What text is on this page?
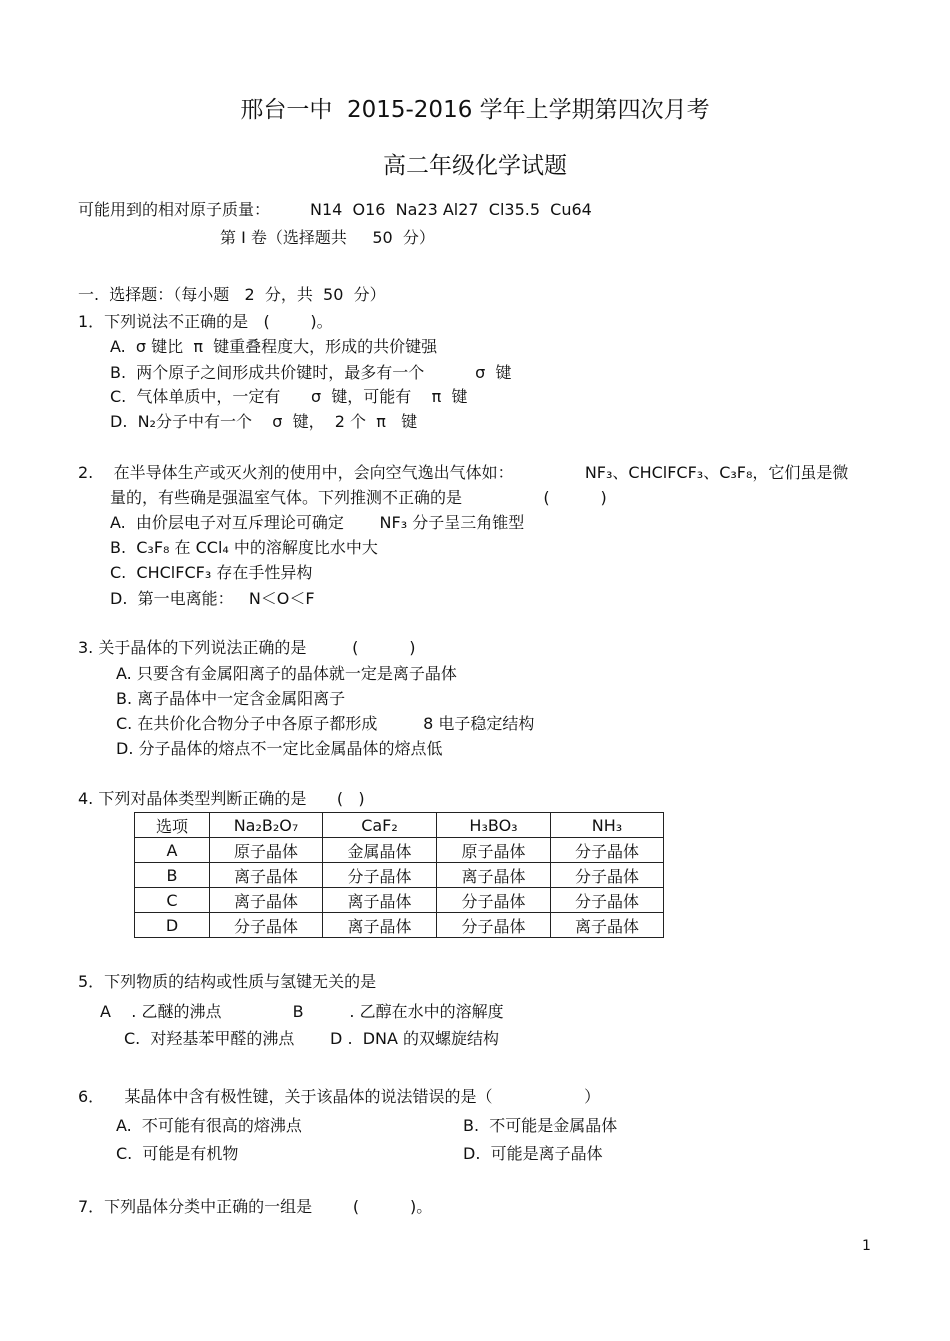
邢台一中  2015-2016 学年上学期第四次月考
高二年级化学试题
可能用到的相对原子质量： N14  O16  Na23 Al27  Cl35.5  Cu64
第 I 卷（选择题共     50  分）
一.  选择题：（每小题   2  分，共  50  分）
1．下列说法不正确的是   (        )。
A.  σ 键比  π  键重叠程度大，形成的共价键强
B.  两个原子之间形成共价键时，最多有一个          σ  键
C.  气体单质中，一定有      σ  键，可能有    π  键
D.  N₂分子中有一个    σ  键，  2 个  π   键
2.    在半导体生产或灭火剂的使用中，会向空气逸出气体如：              NF₃、CHClFCF₃、C₃F₈，它们虽是微
量的，有些确是强温室气体。下列推测不正确的是                (          )
A.  由价层电子对互斥理论可确定       NF₃ 分子呈三角锥型
B.  C₃F₈ 在 CCl₄ 中的溶解度比水中大
C.  CHClFCF₃ 存在手性异构
D.  第一电离能：   N＜O＜F
3. 关于晶体的下列说法正确的是         (          )
A. 只要含有金属阳离子的晶体就一定是离子晶体
B. 离子晶体中一定含金属阳离子
C. 在共价化合物分子中各原子都形成         8 电子稳定结构
D. 分子晶体的熔点不一定比金属晶体的熔点低
4. 下列对晶体类型判断正确的是      (   )
选项	Na₂B₂O₇	CaF₂	H₃BO₃	NH₃
A	原子晶体	金属晶体	原子晶体	分子晶体
B	离子晶体	分子晶体	离子晶体	分子晶体
C	离子晶体	离子晶体	分子晶体	分子晶体
D	分子晶体	离子晶体	分子晶体	离子晶体
5．下列物质的结构或性质与氢键无关的是
A    . 乙醚的沸点              B         . 乙醇在水中的溶解度
C.  对羟基苯甲醛的沸点       D .  DNA 的双螺旋结构
6．    某晶体中含有极性键，关于该晶体的说法错误的是（                  ）
A.  不可能有很高的熔沸点	B.  不可能是金属晶体
C.  可能是有机物	D.  可能是离子晶体
7．下列晶体分类中正确的一组是        (          )。
1
